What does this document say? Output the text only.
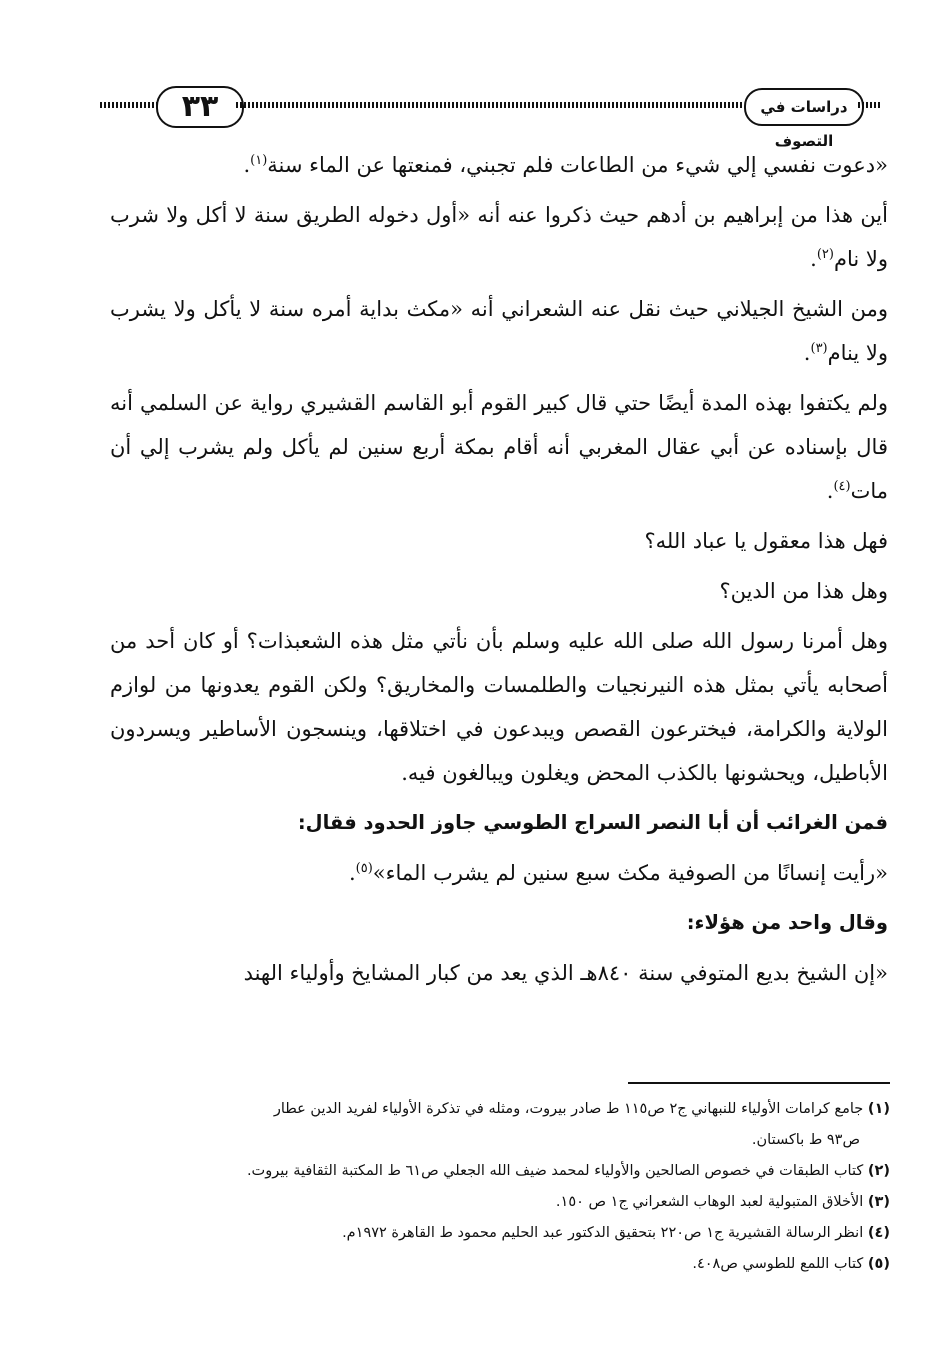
٣٣	دراسات في التصوف

«دعوت نفسي إلي شيء من الطاعات فلم تجبني، فمنعتها عن الماء سنة$^{(١)}$.

أين هذا من إبراهيم بن أدهم حيث ذكروا عنه أنه «أول دخوله الطريق سنة لا أكل ولا شرب ولا نام$^{(٢)}$.

ومن الشيخ الجيلاني حيث نقل عنه الشعراني أنه «مكث بداية أمره سنة لا يأكل ولا يشرب ولا ينام$^{(٣)}$.

ولم يكتفوا بهذه المدة أيضًا حتي قال كبير القوم أبو القاسم القشيري رواية عن السلمي أنه قال بإسناده عن أبي عقال المغربي أنه أقام بمكة أربع سنين لم يأكل ولم يشرب إلي أن مات$^{(٤)}$.

فهل هذا معقول يا عباد الله؟

وهل هذا من الدين؟

وهل أمرنا رسول الله صلى الله عليه وسلم بأن نأتي مثل هذه الشعبذات؟ أو كان أحد من أصحابه يأتي بمثل هذه النيرنجيات والطلمسات والمخاريق؟ ولكن القوم يعدونها من لوازم الولاية والكرامة، فيخترعون القصص ويبدعون في اختلاقها، وينسجون الأساطير ويسردون الأباطيل، ويحشونها بالكذب المحض ويغلون ويبالغون فيه.

فمن الغرائب أن أبا النصر السراج الطوسي جاوز الحدود فقال:

«رأيت إنسانًا من الصوفية مكث سبع سنين لم يشرب الماء»$^{(٥)}$.

وقال واحد من هؤلاء:

«إن الشيخ بديع المتوفي سنة ٨٤٠هـ الذي يعد من كبار المشايخ وأولياء الهند

(١) جامع كرامات الأولياء للنبهاني ج٢ ص١١٥ ط صادر بيروت، ومثله في تذكرة الأولياء لفريد الدين عطار

ص٩٣ ط باكستان.

(٢) كتاب الطبقات في خصوص الصالحين والأولياء لمحمد ضيف الله الجعلي ص٦١ ط المكتبة الثقافية بيروت.

(٣) الأخلاق المتبولية لعبد الوهاب الشعراني ج١ ص ١٥٠.

(٤) انظر الرسالة القشيرية ج١ ص٢٢٠ بتحقيق الدكتور عبد الحليم محمود ط القاهرة ١٩٧٢م.

(٥) كتاب اللمع للطوسي ص٤٠٨.
